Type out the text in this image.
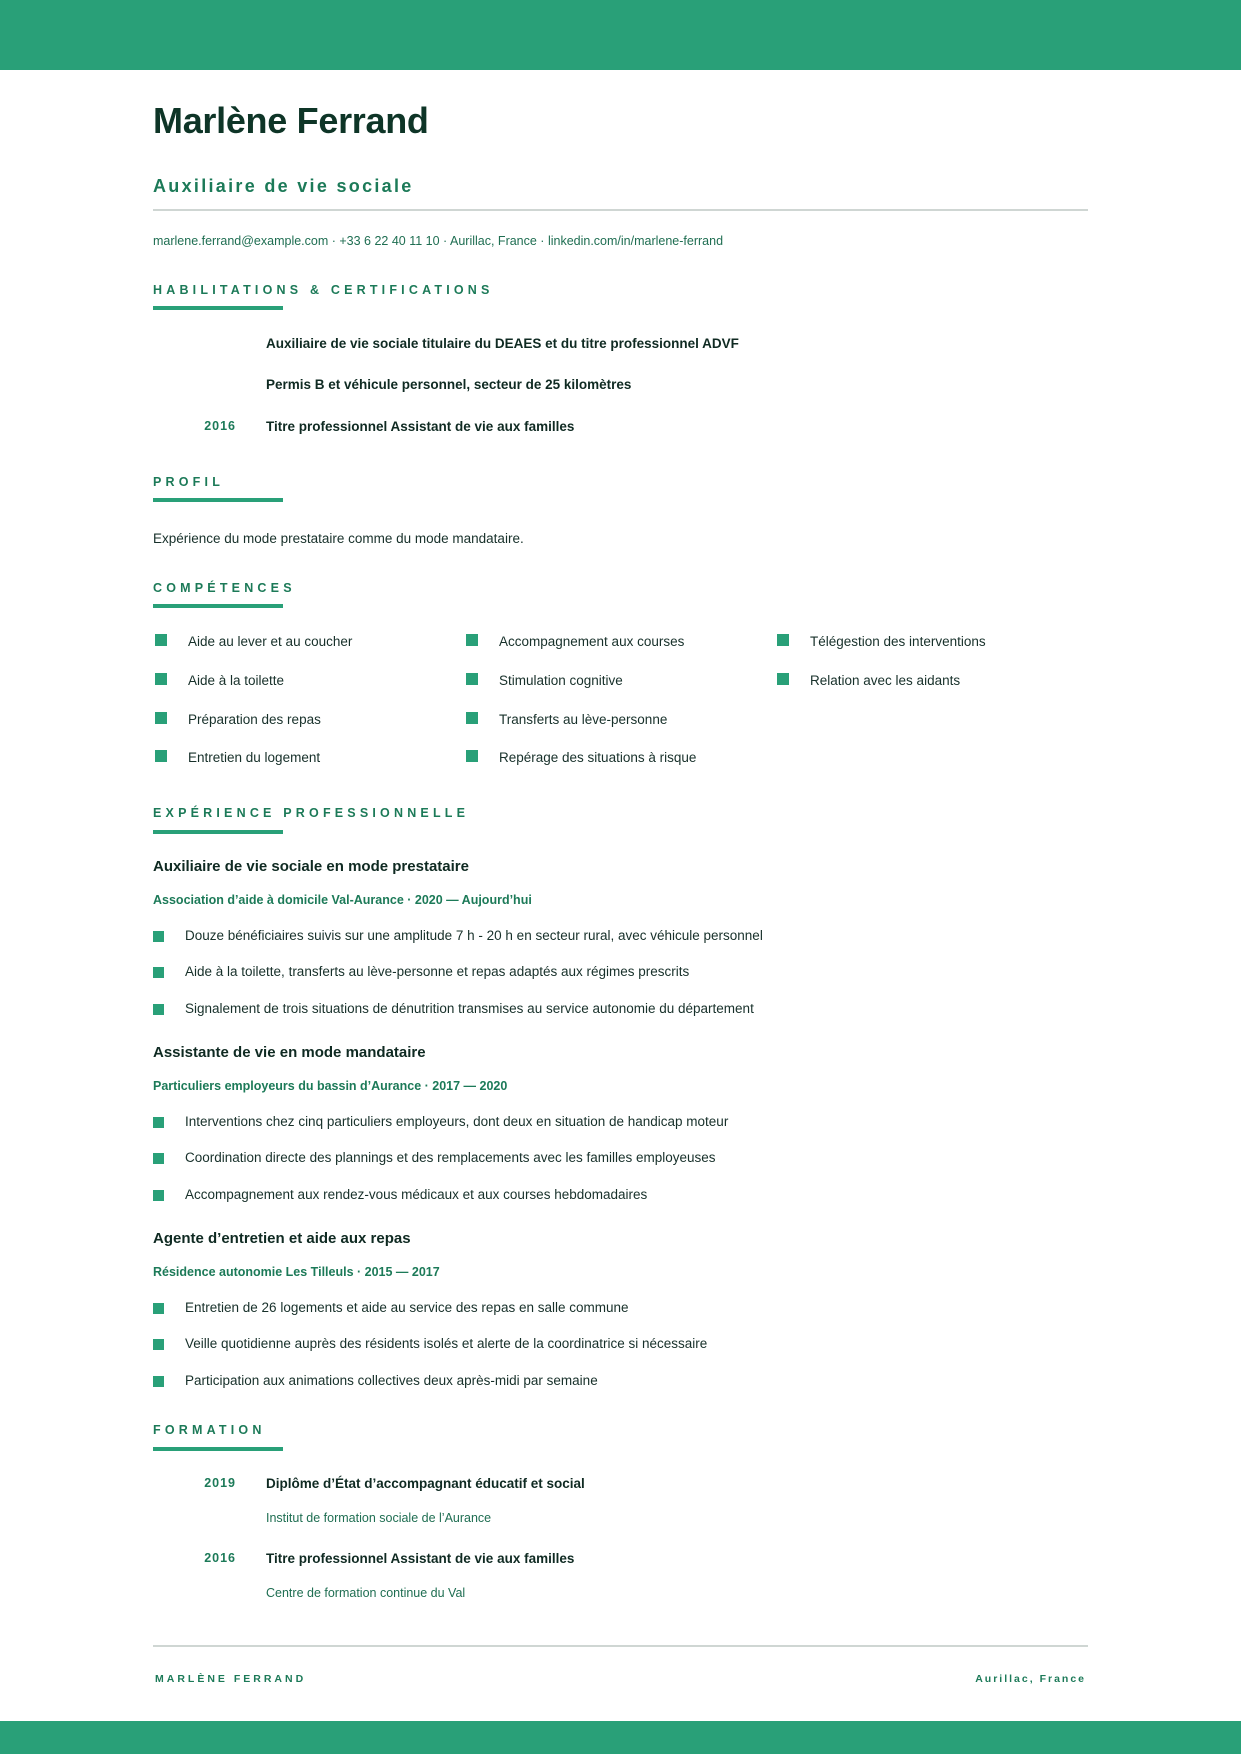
Marlène Ferrand
Auxiliaire de vie sociale
marlene.ferrand@example.com · +33 6 22 40 11 10 · Aurillac, France · linkedin.com/in/marlene-ferrand
HABILITATIONS & CERTIFICATIONS
Auxiliaire de vie sociale titulaire du DEAES et du titre professionnel ADVF
Permis B et véhicule personnel, secteur de 25 kilomètres
2016 Titre professionnel Assistant de vie aux familles
PROFIL
Expérience du mode prestataire comme du mode mandataire.
COMPÉTENCES
Aide au lever et au coucher
Aide à la toilette
Préparation des repas
Entretien du logement
Accompagnement aux courses
Stimulation cognitive
Transferts au lève-personne
Repérage des situations à risque
Télégestion des interventions
Relation avec les aidants
EXPÉRIENCE PROFESSIONNELLE
Auxiliaire de vie sociale en mode prestataire
Association d’aide à domicile Val-Aurance · 2020 — Aujourd’hui
Douze bénéficiaires suivis sur une amplitude 7 h - 20 h en secteur rural, avec véhicule personnel
Aide à la toilette, transferts au lève-personne et repas adaptés aux régimes prescrits
Signalement de trois situations de dénutrition transmises au service autonomie du département
Assistante de vie en mode mandataire
Particuliers employeurs du bassin d’Aurance · 2017 — 2020
Interventions chez cinq particuliers employeurs, dont deux en situation de handicap moteur
Coordination directe des plannings et des remplacements avec les familles employeuses
Accompagnement aux rendez-vous médicaux et aux courses hebdomadaires
Agente d’entretien et aide aux repas
Résidence autonomie Les Tilleuls · 2015 — 2017
Entretien de 26 logements et aide au service des repas en salle commune
Veille quotidienne auprès des résidents isolés et alerte de la coordinatrice si nécessaire
Participation aux animations collectives deux après-midi par semaine
FORMATION
2019 Diplôme d’État d’accompagnant éducatif et social
Institut de formation sociale de l’Aurance
2016 Titre professionnel Assistant de vie aux familles
Centre de formation continue du Val
MARLÈNE FERRAND	Aurillac, France
